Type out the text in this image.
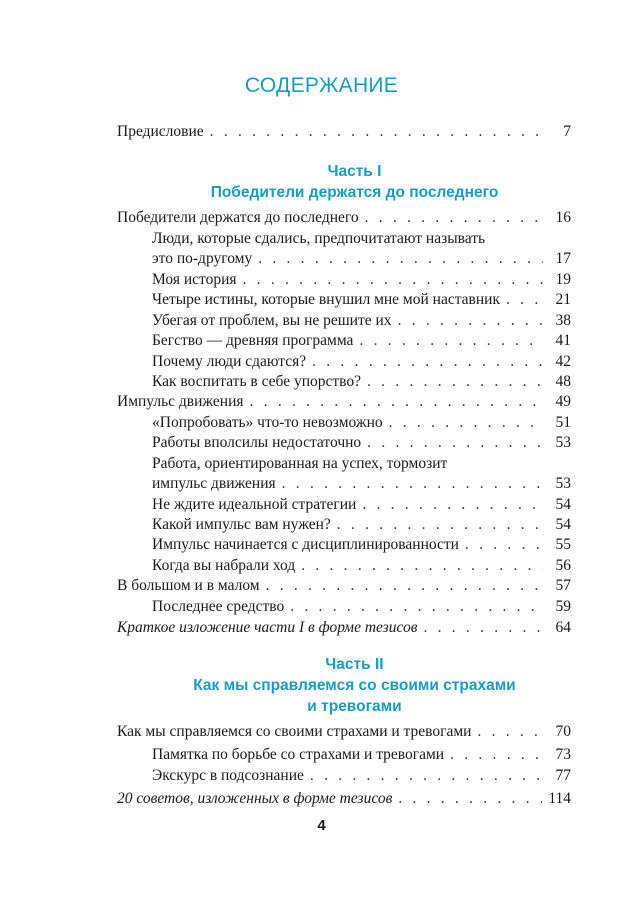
СОДЕРЖАНИЕ
Предисловие . . .	7
Часть I
Победители держатся до последнего
Победители держатся до последнего . . .	16
Люди, которые сдались, предпочитатают называть
это по-другому . . .	17
Моя история . . .	19
Четыре истины, которые внушил мне мой наставник . . .	21
Убегая от проблем, вы не решите их . . .	38
Бегство — древняя программа . . .	41
Почему люди сдаются? . . .	42
Как воспитать в себе упорство? . . .	48
Импульс движения . . .	49
«Попробовать» что-то невозможно . . .	51
Работы вполсилы недостаточно . . .	53
Работа, ориентированная на успех, тормозит
импульс движения . . .	53
Не ждите идеальной стратегии . . .	54
Какой импульс вам нужен? . . .	54
Импульс начинается с дисциплинированности . . .	55
Когда вы набрали ход . . .	56
В большом и в малом . . .	57
Последнее средство . . .	59
Краткое изложение части I в форме тезисов . . .	64
Часть II
Как мы справляемся со своими страхами
и тревогами
Как мы справляемся со своими страхами и тревогами . . .	70
Памятка по борьбе со страхами и тревогами . . .	73
Экскурс в подсознание . . .	77
20 советов, изложенных в форме тезисов . . .	114
4
